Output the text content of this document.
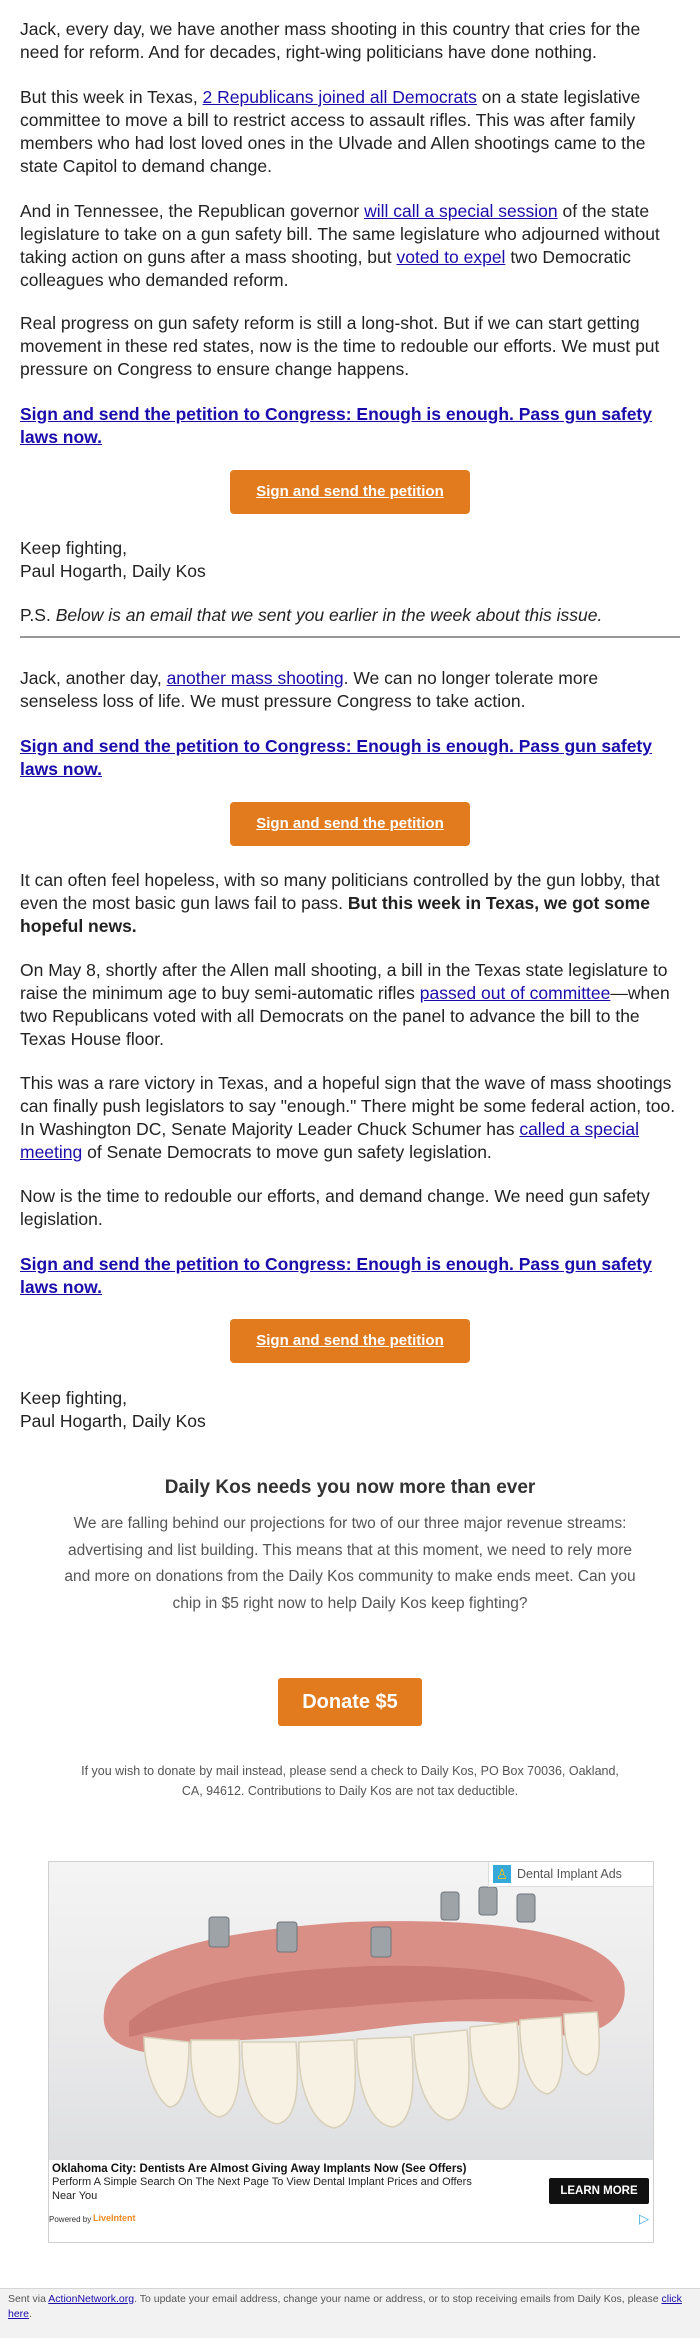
Jack, every day, we have another mass shooting in this country that cries for the need for reform. And for decades, right-wing politicians have done nothing.

But this week in Texas, 2 Republicans joined all Democrats on a state legislative committee to move a bill to restrict access to assault rifles. This was after family members who had lost loved ones in the Ulvade and Allen shootings came to the state Capitol to demand change.

And in Tennessee, the Republican governor will call a special session of the state legislature to take on a gun safety bill. The same legislature who adjourned without taking action on guns after a mass shooting, but voted to expel two Democratic colleagues who demanded reform.

Real progress on gun safety reform is still a long-shot. But if we can start getting movement in these red states, now is the time to redouble our efforts. We must put pressure on Congress to ensure change happens.

Sign and send the petition to Congress: Enough is enough. Pass gun safety laws now.
Sign and send the petition

Keep fighting,

Paul Hogarth, Daily Kos

P.S. Below is an email that we sent you earlier in the week about this issue.

Jack, another day, another mass shooting. We can no longer tolerate more senseless loss of life. We must pressure Congress to take action.

Sign and send the petition to Congress: Enough is enough. Pass gun safety laws now.
Sign and send the petition

It can often feel hopeless, with so many politicians controlled by the gun lobby, that even the most basic gun laws fail to pass. But this week in Texas, we got some hopeful news.

On May 8, shortly after the Allen mall shooting, a bill in the Texas state legislature to raise the minimum age to buy semi-automatic rifles passed out of committee—when two Republicans voted with all Democrats on the panel to advance the bill to the Texas House floor.

This was a rare victory in Texas, and a hopeful sign that the wave of mass shootings can finally push legislators to say "enough." There might be some federal action, too. In Washington DC, Senate Majority Leader Chuck Schumer has called a special meeting of Senate Democrats to move gun safety legislation.

Now is the time to redouble our efforts, and demand change. We need gun safety legislation.

Sign and send the petition to Congress: Enough is enough. Pass gun safety laws now.
Sign and send the petition

Keep fighting,

Paul Hogarth, Daily Kos

Daily Kos needs you now more than ever
We are falling behind our projections for two of our three major revenue streams: advertising and list building. This means that at this moment, we need to rely more and more on donations from the Daily Kos community to make ends meet. Can you chip in $5 right now to help Daily Kos keep fighting?
Donate $5
If you wish to donate by mail instead, please send a check to Daily Kos, PO Box 70036, Oakland, CA, 94612. Contributions to Daily Kos are not tax deductible.
♙ Dental Implant Ads
Oklahoma City: Dentists Are Almost Giving Away Implants Now (See Offers)
Perform A Simple Search On The Next Page To View Dental Implant Prices and Offers Near You	LEARN MORE
Powered by LiveIntent	▷
Sent via ActionNetwork.org. To update your email address, change your name or address, or to stop receiving emails from Daily Kos, please click here.
